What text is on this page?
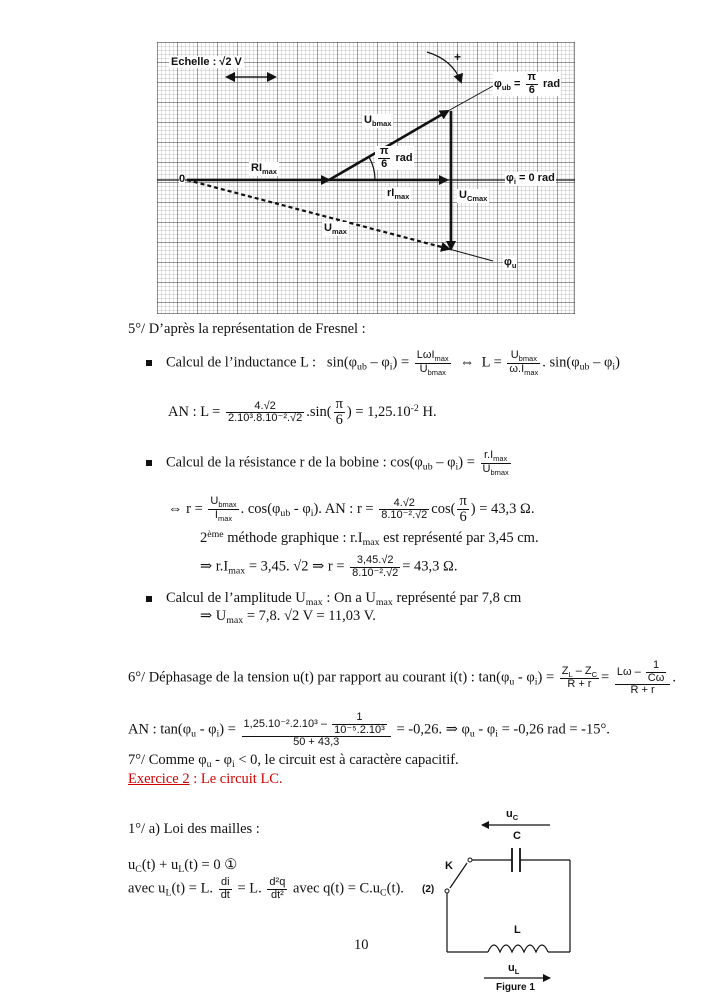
Echelle : √2 V	+
$\varphi_{ub} = \frac{\pi}{6}$ rad
$U_{bmax}$
$\frac{\pi}{6}$ rad
$RI_{max}$
0
$rI_{max}$
$\varphi_i = 0$ rad
$U_{Cmax}$
$U_{max}$
$\varphi_u$
5°/ D’après la représentation de Fresnel :
Calcul de l’inductance L : $\sin(\varphi_{ub} - \varphi_i) = \frac{L\omega I_{max}}{U_{bmax}}$ ⇔ $L = \frac{U_{bmax}}{\omega.I_{max}}$ . $\sin(\varphi_{ub} - \varphi_i)$
AN : $L = \frac{4.√2}{\text{2.10³.8.10⁻².√2}} .\sin( \frac{\pi}{6}$ ) = $1,25.10^{-2}$ H.
Calcul de la résistance r de la bobine : $\cos(\varphi_{ub} - \varphi_i) = \frac{r.I_{max}}{U_{bmax}}$
⇔ $r = \frac{U_{bmax}}{I_{max}}$ . $\cos(\varphi_{ub} - \varphi_i)$. AN : $r = \frac{4.√2}{\text{8.10⁻².√2}} \cos( \frac{\pi}{6}$ ) = 43,3 Ω.
2ème méthode graphique : $r.I_{max}$ est représenté par 3,45 cm.
⇒ $r.I_{max} = 3,45$. √2 ⇒ $r = \frac{3,45.√2}{\text{8.10⁻².√2}} = 43,3$ Ω.
Calcul de l’amplitude $U_{max}$ : On a $U_{max}$ représenté par 7,8 cm
⇒ $U_{max} = 7,8$. √2 V = 11,03 V.
6°/ Déphasage de la tension u(t) par rapport au courant i(t) : $\tan(\varphi_u - \varphi_i) = \frac{Z_L - Z_C}{R + r} = \frac{L\omega - \frac{1}{C\omega}}{R + r}$ .
AN : $\tan(\varphi_u - \varphi_i) = \frac{1,25.10^{-2}.2.10^3 - \frac{1}{\text{10⁻⁵.2.10³}}}{50 + 43,3} = -0,26$. ⇒ $\varphi_u - \varphi_i = -0,26$ rad = -15°.
7°/ Comme $\varphi_u - \varphi_i < 0$, le circuit est à caractère capacitif.
Exercice 2 : Le circuit LC.
1°/ a) Loi des mailles :
$u_C(t) + u_L(t) = 0$ ①
avec $u_L(t) = L$. $\frac{di}{dt} = L$. $\frac{\text{d²q}}{\text{dt²}}$ avec $q(t) = C.u_C(t)$.
$u_C$
C
K
(2)
L
$u_L$
Figure 1
10
